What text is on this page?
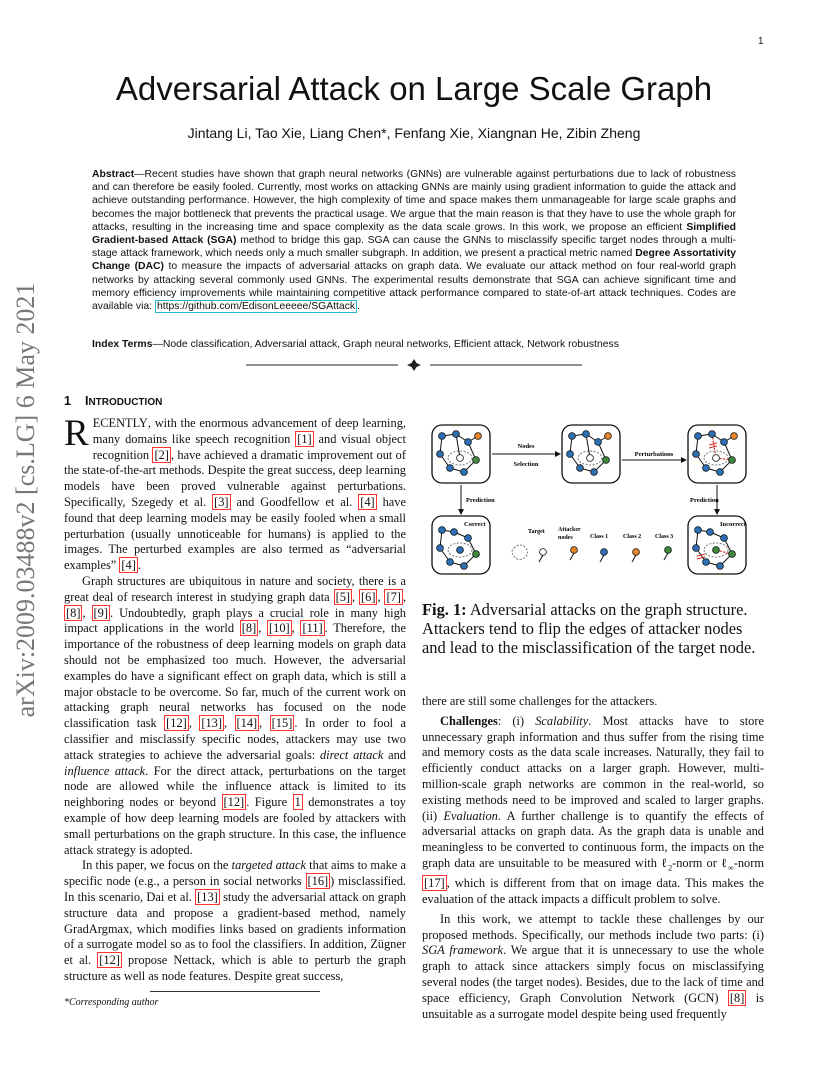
1
Adversarial Attack on Large Scale Graph
Jintang Li, Tao Xie, Liang Chen*, Fenfang Xie, Xiangnan He, Zibin Zheng

Abstract—Recent studies have shown that graph neural networks (GNNs) are vulnerable against perturbations due to lack of robustness and can therefore be easily fooled. Currently, most works on attacking GNNs are mainly using gradient information to guide the attack and achieve outstanding performance. However, the high complexity of time and space makes them unmanageable for large scale graphs and becomes the major bottleneck that prevents the practical usage. We argue that the main reason is that they have to use the whole graph for attacks, resulting in the increasing time and space complexity as the data scale grows. In this work, we propose an efficient Simplified Gradient-based Attack (SGA) method to bridge this gap. SGA can cause the GNNs to misclassify specific target nodes through a multi-stage attack framework, which needs only a much smaller subgraph. In addition, we present a practical metric named Degree Assortativity Change (DAC) to measure the impacts of adversarial attacks on graph data. We evaluate our attack method on four real-world graph networks by attacking several commonly used GNNs. The experimental results demonstrate that SGA can achieve significant time and memory efficiency improvements while maintaining competitive attack performance compared to state-of-art attack techniques. Codes are available via: https://github.com/EdisonLeeeee/SGAttack .

Index Terms—Node classification, Adversarial attack, Graph neural networks, Efficient attack, Network robustness

arXiv:2009.03488v2 [cs.LG] 6 May 2021 1 INTRODUCTION

RECENTLY, with the enormous advancement of deep learning, many domains like speech recognition [1] and visual object recognition [2] , have achieved a dramatic improvement out of the state-of-the-art methods. Despite the great success, deep learning models have been proved vulnerable against perturbations. Specifically, Szegedy et al. [3] and Goodfellow et al. [4] have found that deep learning models may be easily fooled when a small perturbation (usually unnoticeable for humans) is applied to the images. The perturbed examples are also termed as “adversarial examples” [4] .

Graph structures are ubiquitous in nature and society, there is a great deal of research interest in studying graph data [5] , [6] , [7] , [8] , [9] . Undoubtedly, graph plays a crucial role in many high impact applications in the world [8] , [10] , [11] . Therefore, the importance of the robustness of deep learning models on graph data should not be emphasized too much. However, the adversarial examples do have a significant effect on graph data, which is still a major obstacle to be overcome. So far, much of the current work on attacking graph neural networks has focused on the node classification task [12] , [13] , [14] , [15] . In order to fool a classifier and misclassify specific nodes, attackers may use two attack strategies to achieve the adversarial goals: direct attack and influence attack. For the direct attack, perturbations on the target node are allowed while the influence attack is limited to its neighboring nodes or beyond [12] . Figure 1 demonstrates a toy example of how deep learning models are fooled by attackers with small perturbations on the graph structure. In this case, the influence attack strategy is adopted.

In this paper, we focus on the targeted attack that aims to make a specific node (e.g., a person in social networks [16] ) misclassified. In this scenario, Dai et al. [13] study the adversarial attack on graph structure data and propose a gradient-based method, namely GradArgmax, which modifies links based on gradients information of a surrogate model so as to fool the classifiers. In addition, Zügner et al. [12] propose Nettack, which is able to perturb the graph structure as well as node features. Despite great success,

*Corresponding author
Nodes
Selection
Perturbations
Prediction	Prediction
Correct
Target Attacker
nodes	Class 1 Class 2 Class 3
Incorrect

Fig. 1: Adversarial attacks on the graph structure. Attackers tend to flip the edges of attacker nodes and lead to the misclassification of the target node.

there are still some challenges for the attackers.

Challenges: (i) Scalability. Most attacks have to store unnecessary graph information and thus suffer from the rising time and memory costs as the data scale increases. Naturally, they fail to efficiently conduct attacks on a larger graph. However, multi-million-scale graph networks are common in the real-world, so existing methods need to be improved and scaled to larger graphs. (ii) Evaluation. A further challenge is to quantify the effects of adversarial attacks on graph data. As the graph data is unable and meaningless to be converted to continuous form, the impacts on the graph data are unsuitable to be measured with ℓ$_2$-norm or ℓ$_\infty$-norm [17] , which is different from that on image data. This makes the evaluation of the attack impacts a difficult problem to solve.

In this work, we attempt to tackle these challenges by our proposed methods. Specifically, our methods include two parts: (i) SGA framework. We argue that it is unnecessary to use the whole graph to attack since attackers simply focus on misclassifying several nodes (the target nodes). Besides, due to the lack of time and space efficiency, Graph Convolution Network (GCN) [8] is unsuitable as a surrogate model despite being used frequently
